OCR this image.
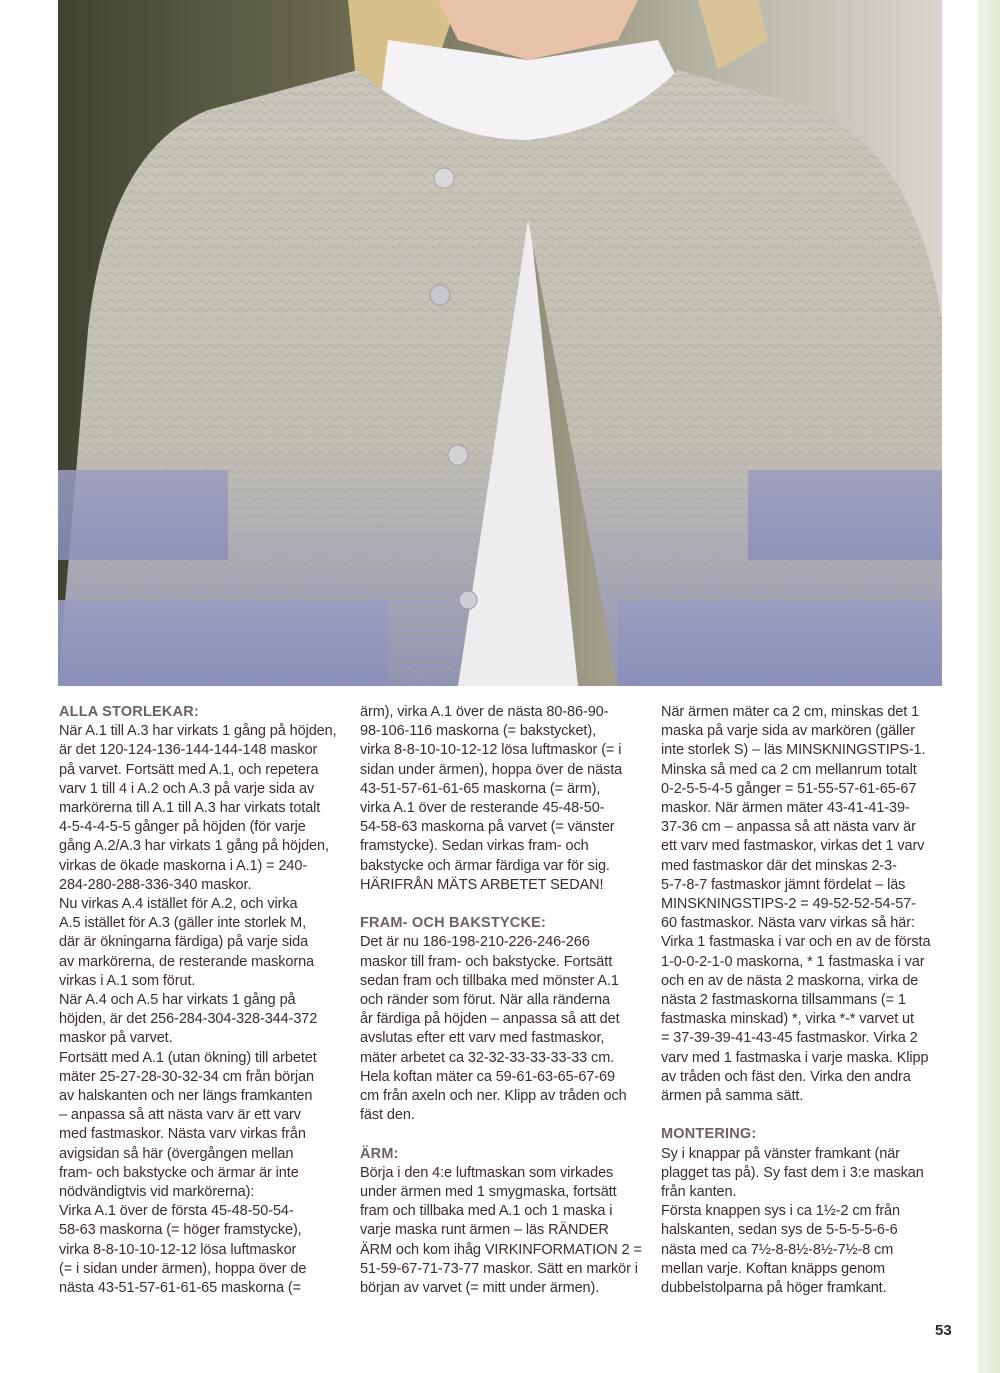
ALLA STORLEKAR:

När A.1 till A.3 har virkats 1 gång på höjden,
är det 120-124-136-144-144-148 maskor
på varvet. Fortsätt med A.1, och repetera
varv 1 till 4 i A.2 och A.3 på varje sida av
markörerna till A.1 till A.3 har virkats totalt
4-5-4-4-5-5 gånger på höjden (för varje
gång A.2/A.3 har virkats 1 gång på höjden,
virkas de ökade maskorna i A.1) = 240-
284-280-288-336-340 maskor.

Nu virkas A.4 istället för A.2, och virka
A.5 istället för A.3 (gäller inte storlek M,
där är ökningarna färdiga) på varje sida
av markörerna, de resterande maskorna
virkas i A.1 som förut.

När A.4 och A.5 har virkats 1 gång på
höjden, är det 256-284-304-328-344-372
maskor på varvet.

Fortsätt med A.1 (utan ökning) till arbetet
mäter 25-27-28-30-32-34 cm från början
av halskanten och ner längs framkanten
– anpassa så att nästa varv är ett varv
med fastmaskor. Nästa varv virkas från
avigsidan så här (övergången mellan
fram- och bakstycke och ärmar är inte
nödvändigtvis vid markörerna):

Virka A.1 över de första 45-48-50-54-
58-63 maskorna (= höger framstycke),
virka 8-8-10-10-12-12 lösa luftmaskor
(= i sidan under ärmen), hoppa över de
nästa 43-51-57-61-61-65 maskorna (=

ärm), virka A.1 över de nästa 80-86-90-
98-106-116 maskorna (= bakstycket),
virka 8-8-10-10-12-12 lösa luftmaskor (= i
sidan under ärmen), hoppa över de nästa
43-51-57-61-61-65 maskorna (= ärm),
virka A.1 över de resterande 45-48-50-
54-58-63 maskorna på varvet (= vänster
framstycke). Sedan virkas fram- och
bakstycke och ärmar färdiga var för sig.
HÄRIFRÅN MÄTS ARBETET SEDAN!

FRAM- OCH BAKSTYCKE:

Det är nu 186-198-210-226-246-266
maskor till fram- och bakstycke. Fortsätt
sedan fram och tillbaka med mönster A.1
och ränder som förut. När alla ränderna
år färdiga på höjden – anpassa så att det
avslutas efter ett varv med fastmaskor,
mäter arbetet ca 32-32-33-33-33-33 cm.
Hela koftan mäter ca 59-61-63-65-67-69
cm från axeln och ner. Klipp av tråden och
fäst den.

ÄRM:

Börja i den 4:e luftmaskan som virkades
under ärmen med 1 smygmaska, fortsätt
fram och tillbaka med A.1 och 1 maska i
varje maska runt ärmen – läs RÄNDER
ÄRM och kom ihåg VIRKINFORMATION 2 =
51-59-67-71-73-77 maskor. Sätt en markör i
början av varvet (= mitt under ärmen).

När ärmen mäter ca 2 cm, minskas det 1
maska på varje sida av markören (gäller
inte storlek S) – läs MINSKNINGSTIPS-1.
Minska så med ca 2 cm mellanrum totalt
0-2-5-5-4-5 gånger = 51-55-57-61-65-67
maskor. När ärmen mäter 43-41-41-39-
37-36 cm – anpassa så att nästa varv är
ett varv med fastmaskor, virkas det 1 varv
med fastmaskor där det minskas 2-3-
5-7-8-7 fastmaskor jämnt fördelat – läs
MINSKNINGSTIPS-2 = 49-52-52-54-57-
60 fastmaskor. Nästa varv virkas så här:
Virka 1 fastmaska i var och en av de första
1-0-0-2-1-0 maskorna, * 1 fastmaska i var
och en av de nästa 2 maskorna, virka de
nästa 2 fastmaskorna tillsammans (= 1
fastmaska minskad) *, virka *-* varvet ut
= 37-39-39-41-43-45 fastmaskor. Virka 2
varv med 1 fastmaska i varje maska. Klipp
av tråden och fäst den. Virka den andra
ärmen på samma sätt.

MONTERING:

Sy i knappar på vänster framkant (när
plagget tas på). Sy fast dem i 3:e maskan
från kanten.

Första knappen sys i ca 1½-2 cm från
halskanten, sedan sys de 5-5-5-5-6-6
nästa med ca 7½-8-8½-8½-7½-8 cm
mellan varje. Koftan knäpps genom
dubbelstolparna på höger framkant.

53
